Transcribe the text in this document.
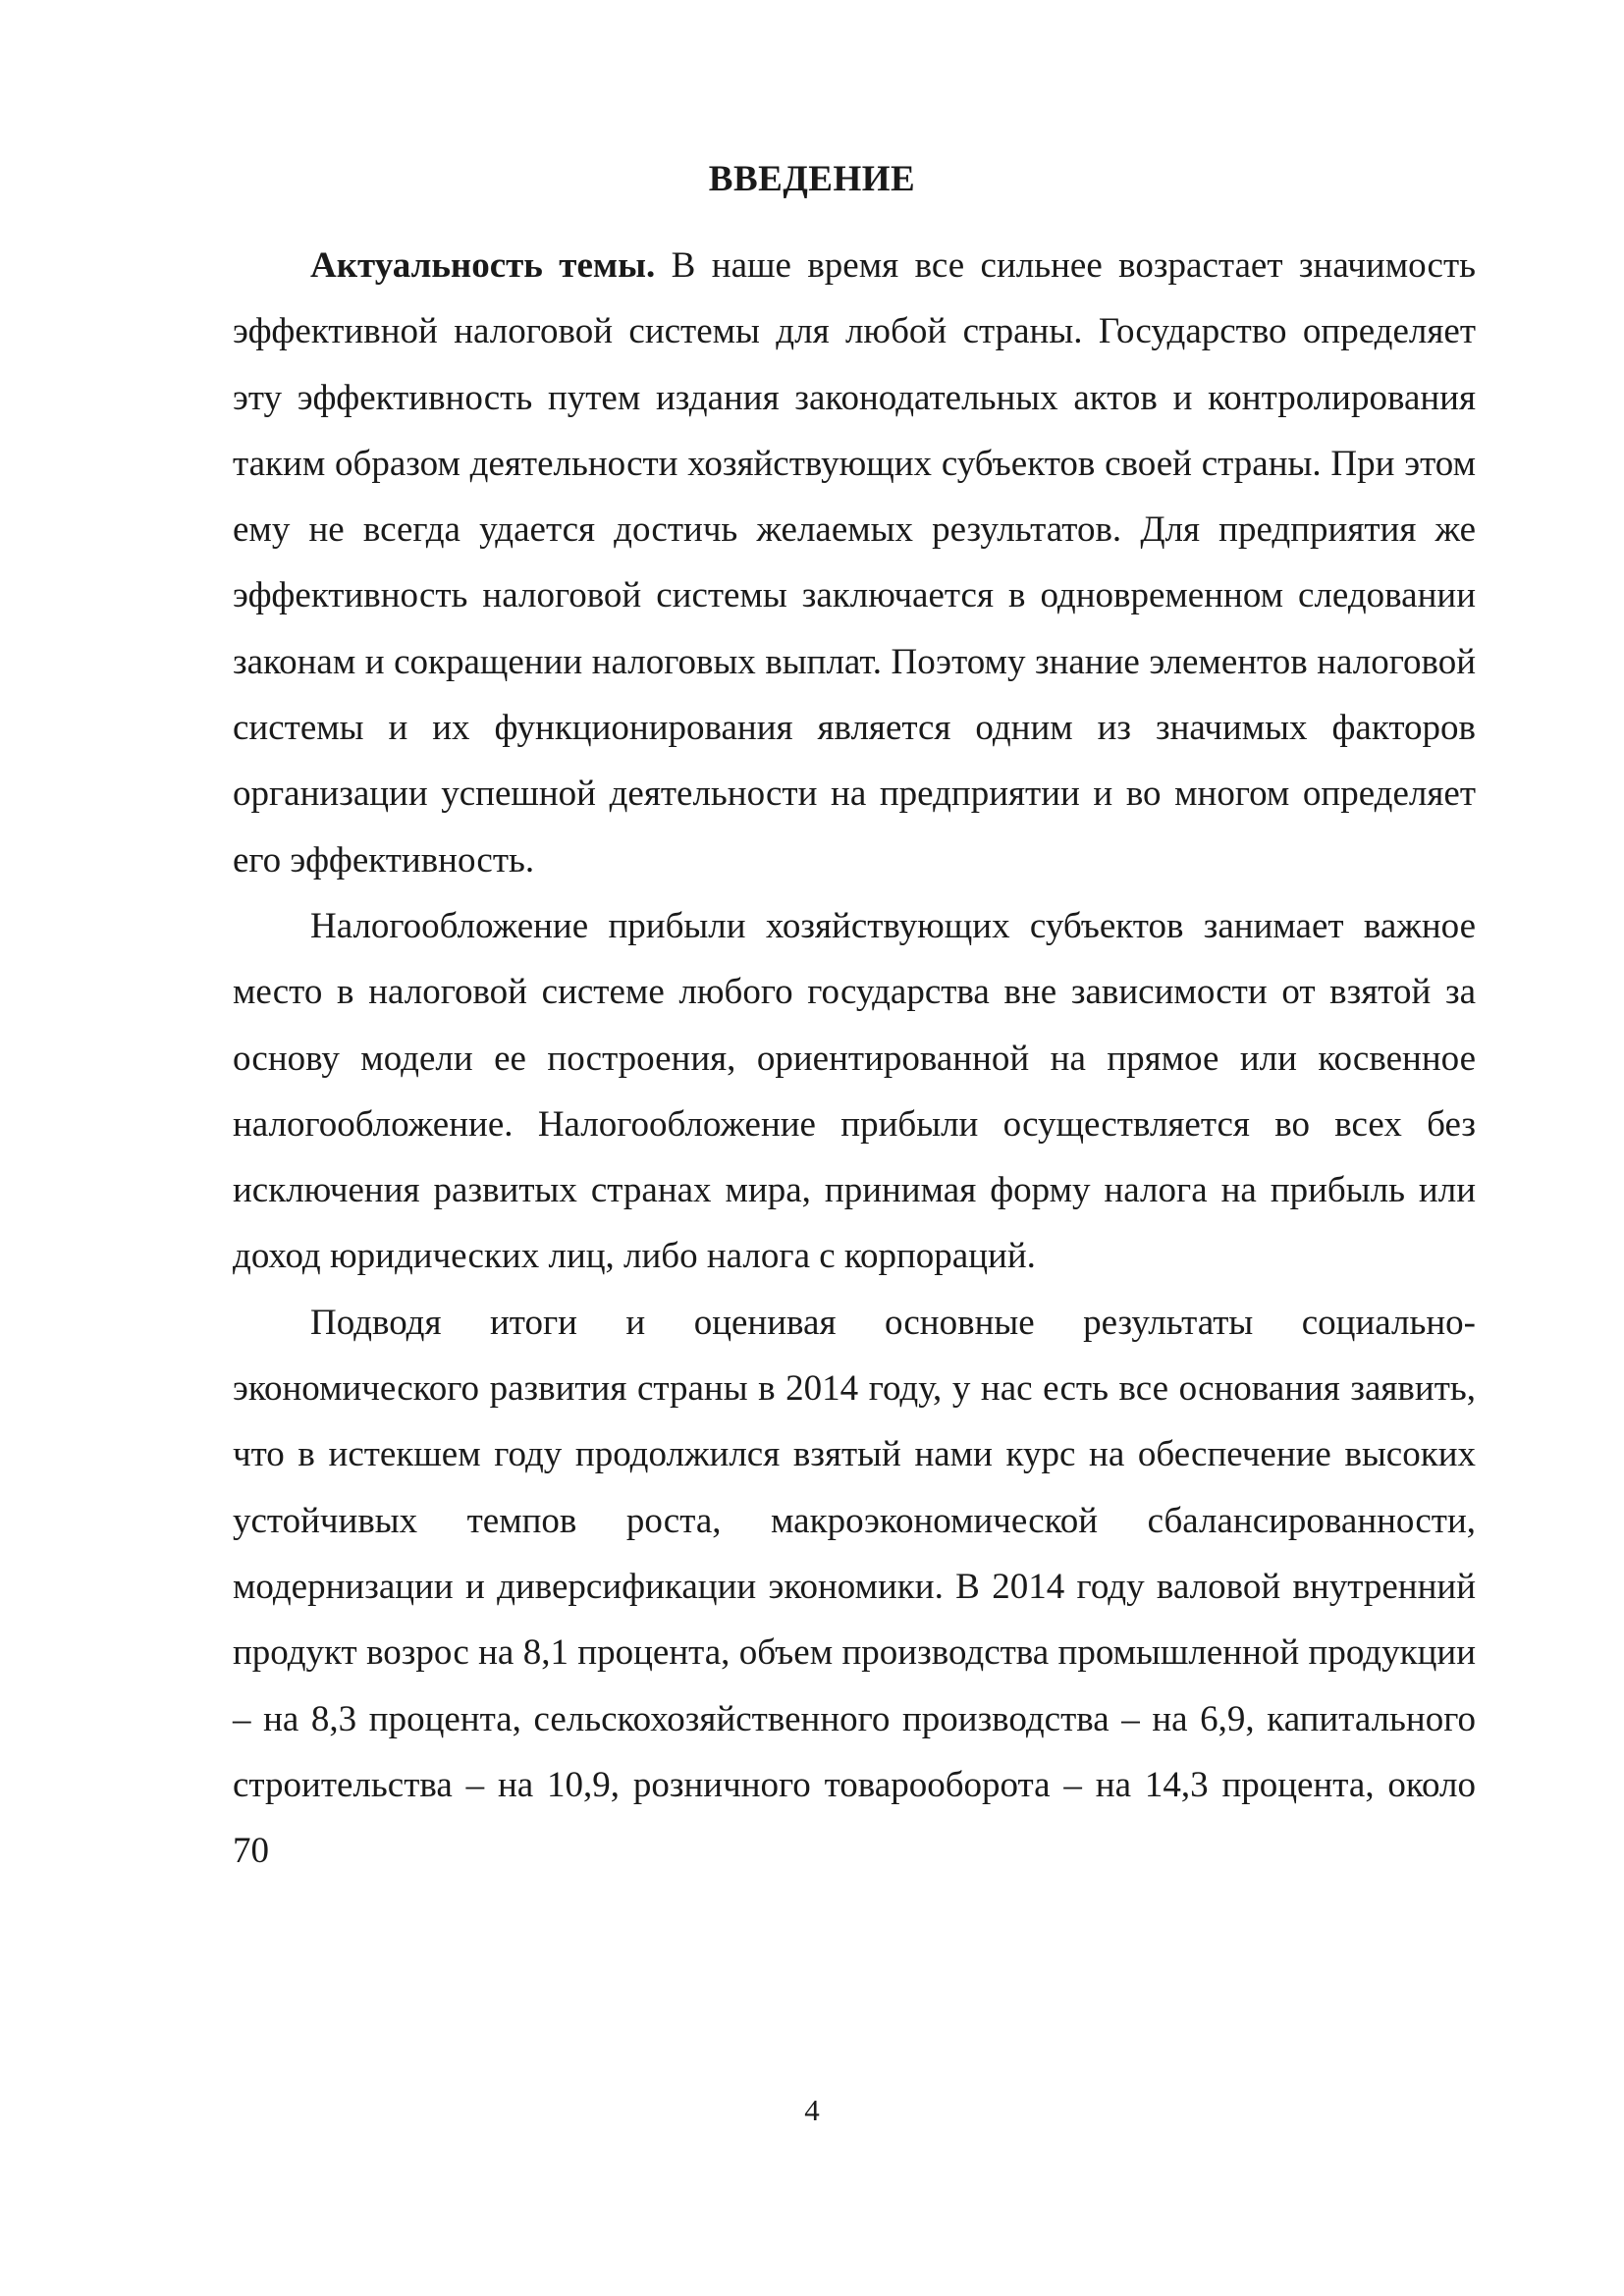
ВВЕДЕНИЕ

Актуальность темы. В наше время все сильнее возрастает значимость эффективной налоговой системы для любой страны. Государство определяет эту эффективность путем издания законодательных актов и контролирования таким образом деятельности хозяйствующих субъектов своей страны. При этом ему не всегда удается достичь желаемых результатов. Для предприятия же эффективность налоговой системы заключается в одновременном следовании законам и сокращении налоговых выплат. Поэтому знание элементов налоговой системы и их функционирования является одним из значимых факторов организации успешной деятельности на предприятии и во многом определяет его эффективность.

Налогообложение прибыли хозяйствующих субъектов занимает важное место в налоговой системе любого государства вне зависимости от взятой за основу модели ее построения, ориентированной на прямое или косвенное налогообложение. Налогообложение прибыли осуществляется во всех без исключения развитых странах мира, принимая форму налога на прибыль или доход юридических лиц, либо налога с корпораций.

Подводя итоги и оценивая основные результаты социально-экономического развития страны в 2014 году, у нас есть все основания заявить, что в истекшем году продолжился взятый нами курс на обеспечение высоких устойчивых темпов роста, макроэкономической сбалансированности, модернизации и диверсификации экономики. В 2014 году валовой внутренний продукт возрос на 8,1 процента, объем производства промышленной продукции – на 8,3 процента, сельскохозяйственного производства – на 6,9, капитального строительства – на 10,9, розничного товарооборота – на 14,3 процента, около 70

4
